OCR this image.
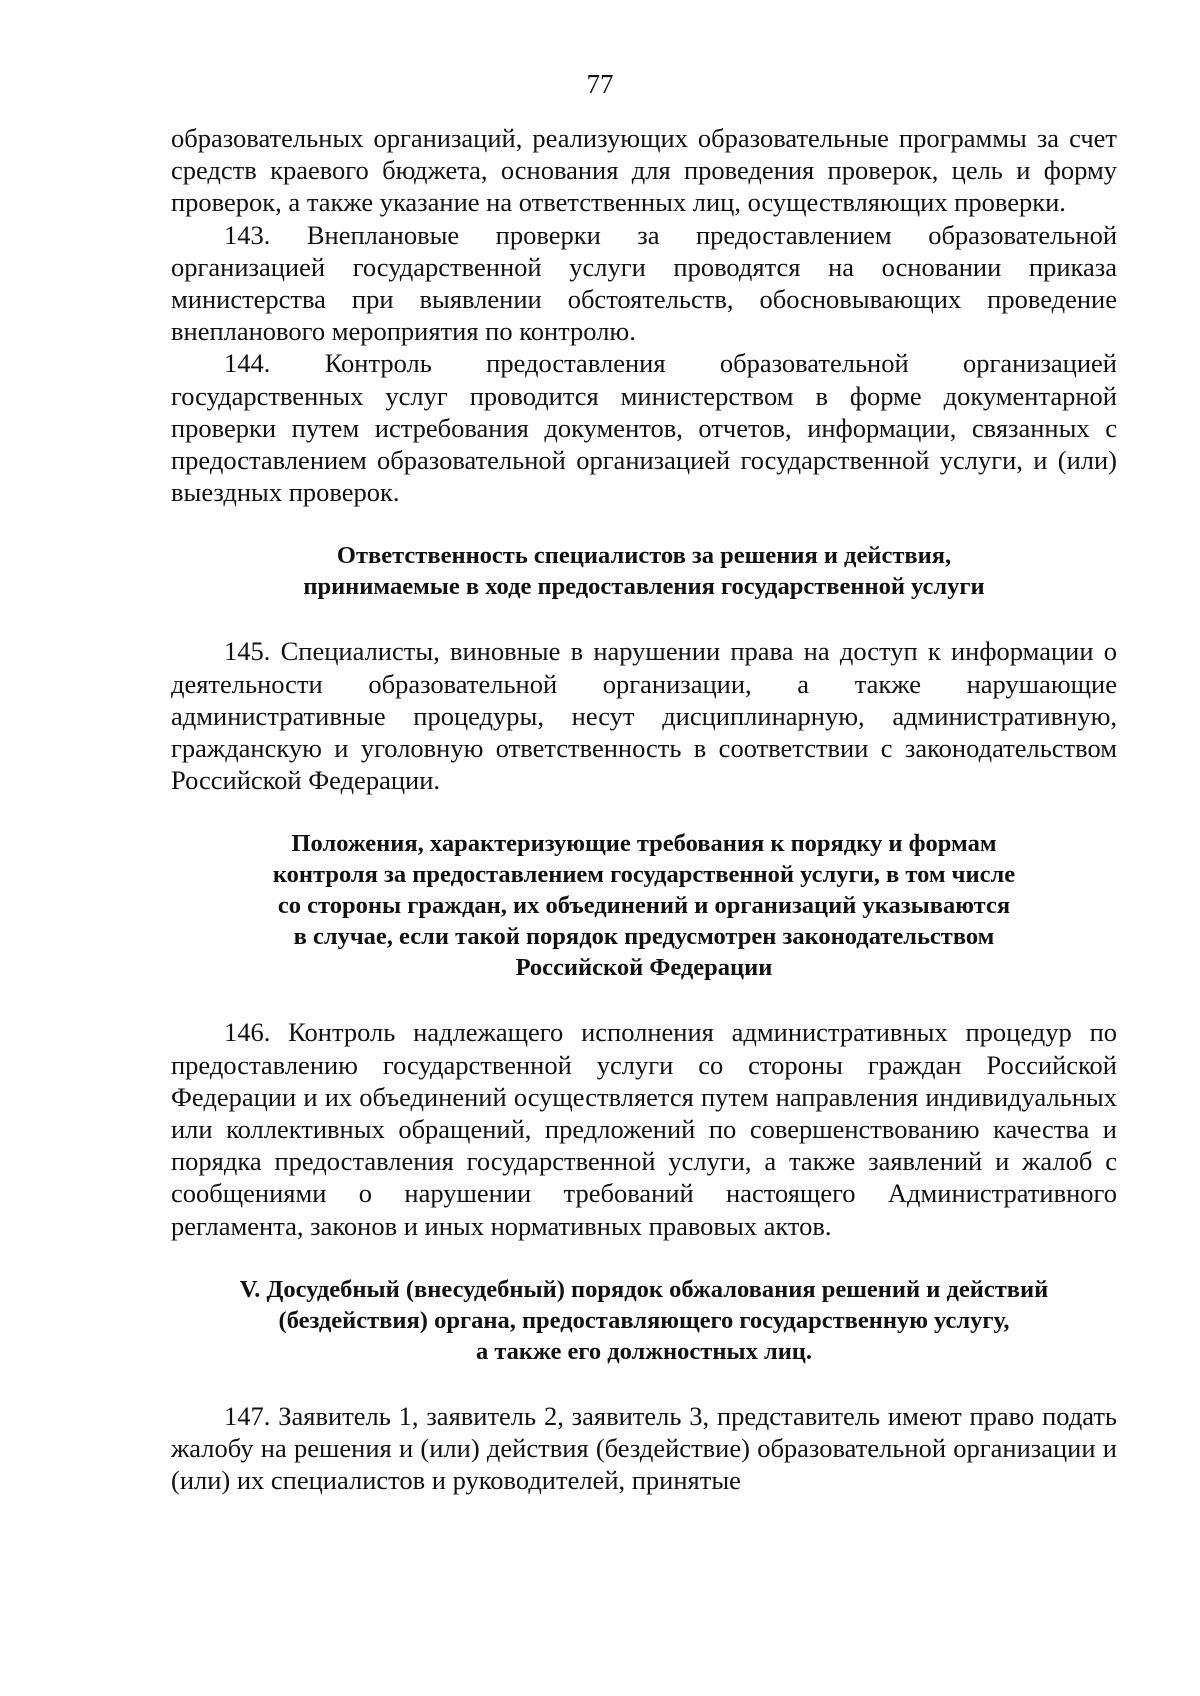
77

образовательных организаций, реализующих образовательные программы за счет средств краевого бюджета, основания для проведения проверок, цель и форму проверок, а также указание на ответственных лиц, осуществляющих проверки.

143. Внеплановые проверки за предоставлением образовательной организацией государственной услуги проводятся на основании приказа министерства при выявлении обстоятельств, обосновывающих проведение внепланового мероприятия по контролю.

144. Контроль предоставления образовательной организацией государственных услуг проводится министерством в форме документарной проверки путем истребования документов, отчетов, информации, связанных с предоставлением образовательной организацией государственной услуги, и (или) выездных проверок.

Ответственность специалистов за решения и действия,
принимаемые в ходе предоставления государственной услуги

145. Специалисты, виновные в нарушении права на доступ к информации о деятельности образовательной организации, а также нарушающие административные процедуры, несут дисциплинарную, административную, гражданскую и уголовную ответственность в соответствии с законодательством Российской Федерации.

Положения, характеризующие требования к порядку и формам
контроля за предоставлением государственной услуги, в том числе
со стороны граждан, их объединений и организаций указываются
в случае, если такой порядок предусмотрен законодательством
Российской Федерации

146. Контроль надлежащего исполнения административных процедур по предоставлению государственной услуги со стороны граждан Российской Федерации и их объединений осуществляется путем направления индивидуальных или коллективных обращений, предложений по совершенствованию качества и порядка предоставления государственной услуги, а также заявлений и жалоб с сообщениями о нарушении требований настоящего Административного регламента, законов и иных нормативных правовых актов.

V. Досудебный (внесудебный) порядок обжалования решений и действий
(бездействия) органа, предоставляющего государственную услугу,
а также его должностных лиц.

147. Заявитель 1, заявитель 2, заявитель 3, представитель имеют право подать жалобу на решения и (или) действия (бездействие) образовательной организации и (или) их специалистов и руководителей, принятые
